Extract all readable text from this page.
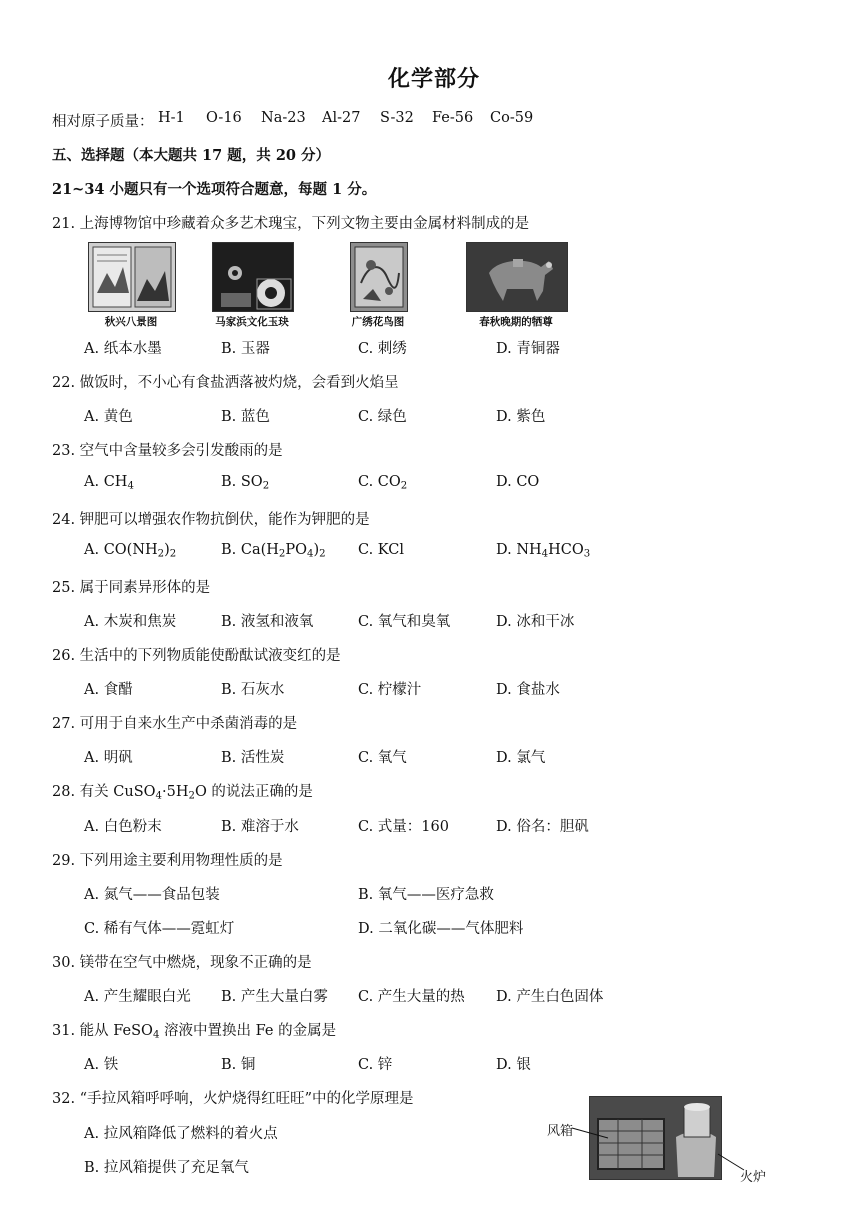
化学部分
相对原子质量： H-1 O-16 Na-23 Al-27 S-32 Fe-56 Co-59
五、选择题（本大题共 17 题，共 20 分）
21~34 小题只有一个选项符合题意，每题 1 分。
21. 上海博物馆中珍藏着众多艺术瑰宝，下列文物主要由金属材料制成的是
秋兴八景图	马家浜文化玉玦	广绣花鸟图	春秋晚期的牺尊
A. 纸本水墨	B. 玉器	C. 刺绣	D. 青铜器
22. 做饭时，不小心有食盐洒落被灼烧，会看到火焰呈
A. 黄色	B. 蓝色	C. 绿色	D. 紫色
23. 空气中含量较多会引发酸雨的是
A. $CH_4$	B. $SO_2$	C. $CO_2$	D. CO
24. 钾肥可以增强农作物抗倒伏，能作为钾肥的是
A. $CO(NH_2)_2$	B. $Ca(H_2PO_4)_2$ C. KCl	D. $NH_4HCO_3$
25. 属于同素异形体的是
A. 木炭和焦炭	B. 液氢和液氧	C. 氧气和臭氧	D. 冰和干冰
26. 生活中的下列物质能使酚酞试液变红的是
A. 食醋	B. 石灰水	C. 柠檬汁	D. 食盐水
27. 可用于自来水生产中杀菌消毒的是
A. 明矾	B. 活性炭	C. 氧气	D. 氯气
28. 有关 $CuSO_4\cdot 5H_2O$ 的说法正确的是
A. 白色粉末	B. 难溶于水	C. 式量：160	D. 俗名：胆矾
29. 下列用途主要利用物理性质的是
A. 氮气——食品包装	B. 氧气——医疗急救
C. 稀有气体——霓虹灯	D. 二氧化碳——气体肥料
30. 镁带在空气中燃烧，现象不正确的是
A. 产生耀眼白光 B. 产生大量白雾 C. 产生大量的热 D. 产生白色固体
31. 能从 FeSO$_4$ 溶液中置换出 Fe 的金属是
A. 铁	B. 铜	C. 锌	D. 银
32. “手拉风箱呼呼响，火炉烧得红旺旺”中的化学原理是
A. 拉风箱降低了燃料的着火点
B. 拉风箱提供了充足氧气
风箱
火炉
